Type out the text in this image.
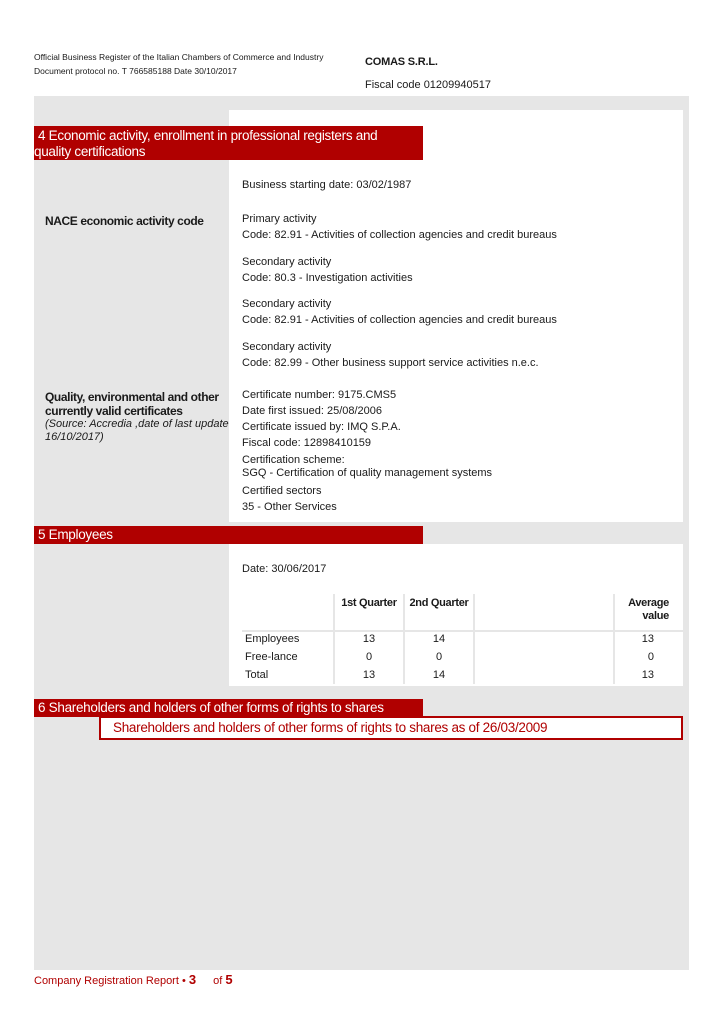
Official Business Register of the Italian Chambers of Commerce and Industry
Document protocol no. T 766585188 Date 30/10/2017
COMAS S.R.L.
Fiscal code 01209940517
4 Economic activity, enrollment in professional registers and
quality certifications
Business starting date: 03/02/1987
NACE economic activity code	Primary activity
Code: 82.91 - Activities of collection agencies and credit bureaus
Secondary activity
Code: 80.3 - Investigation activities
Secondary activity
Code: 82.91 - Activities of collection agencies and credit bureaus
Secondary activity
Code: 82.99 - Other business support service activities n.e.c.
Quality, environmental and other
currently valid certificates
(Source: Accredia ,date of last update
16/10/2017)
Certificate number: 9175.CMS5
Date first issued: 25/08/2006
Certificate issued by: IMQ S.P.A.
Fiscal code: 12898410159
Certification scheme:
SGQ - Certification of quality management systems
Certified sectors
35 - Other Services
5 Employees
Date: 30/06/2017
	1st Quarter	2nd Quarter		Average value
Employees	13	14		13
Free-lance	0	0		0
Total	13	14		13
6 Shareholders and holders of other forms of rights to shares
Shareholders and holders of other forms of rights to shares as of 26/03/2009
Company Registration Report • 3 of 5
